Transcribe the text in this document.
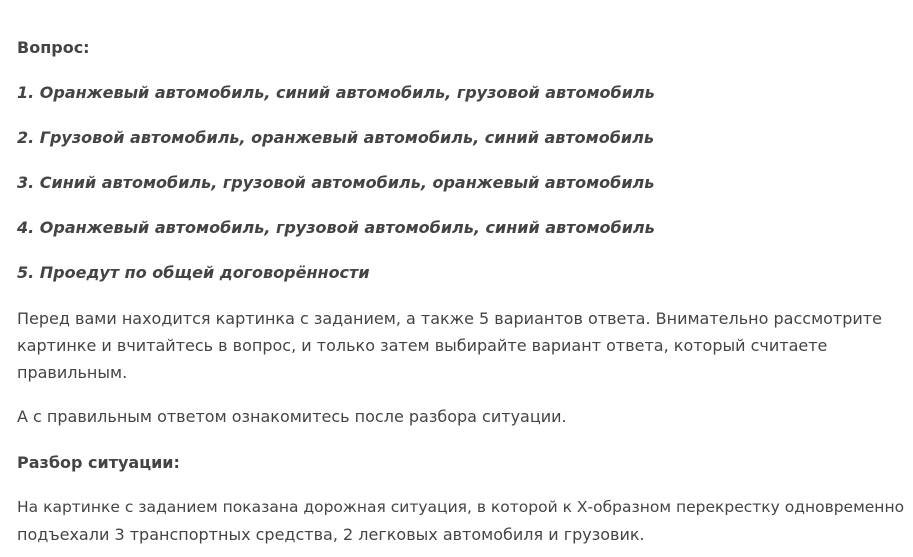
Вопрос:
1. Оранжевый автомобиль, синий автомобиль, грузовой автомобиль
2. Грузовой автомобиль, оранжевый автомобиль, синий автомобиль
3. Синий автомобиль, грузовой автомобиль, оранжевый автомобиль
4. Оранжевый автомобиль, грузовой автомобиль, синий автомобиль
5. Проедут по общей договорённости
Перед вами находится картинка с заданием, а также 5 вариантов ответа. Внимательно рассмотрите
картинке и вчитайтесь в вопрос, и только затем выбирайте вариант ответа, который считаете
правильным.
А с правильным ответом ознакомитесь после разбора ситуации.
Разбор ситуации:
На картинке с заданием показана дорожная ситуация, в которой к Х-образном перекрестку одновременно
подъехали 3 транспортных средства, 2 легковых автомобиля и грузовик.
